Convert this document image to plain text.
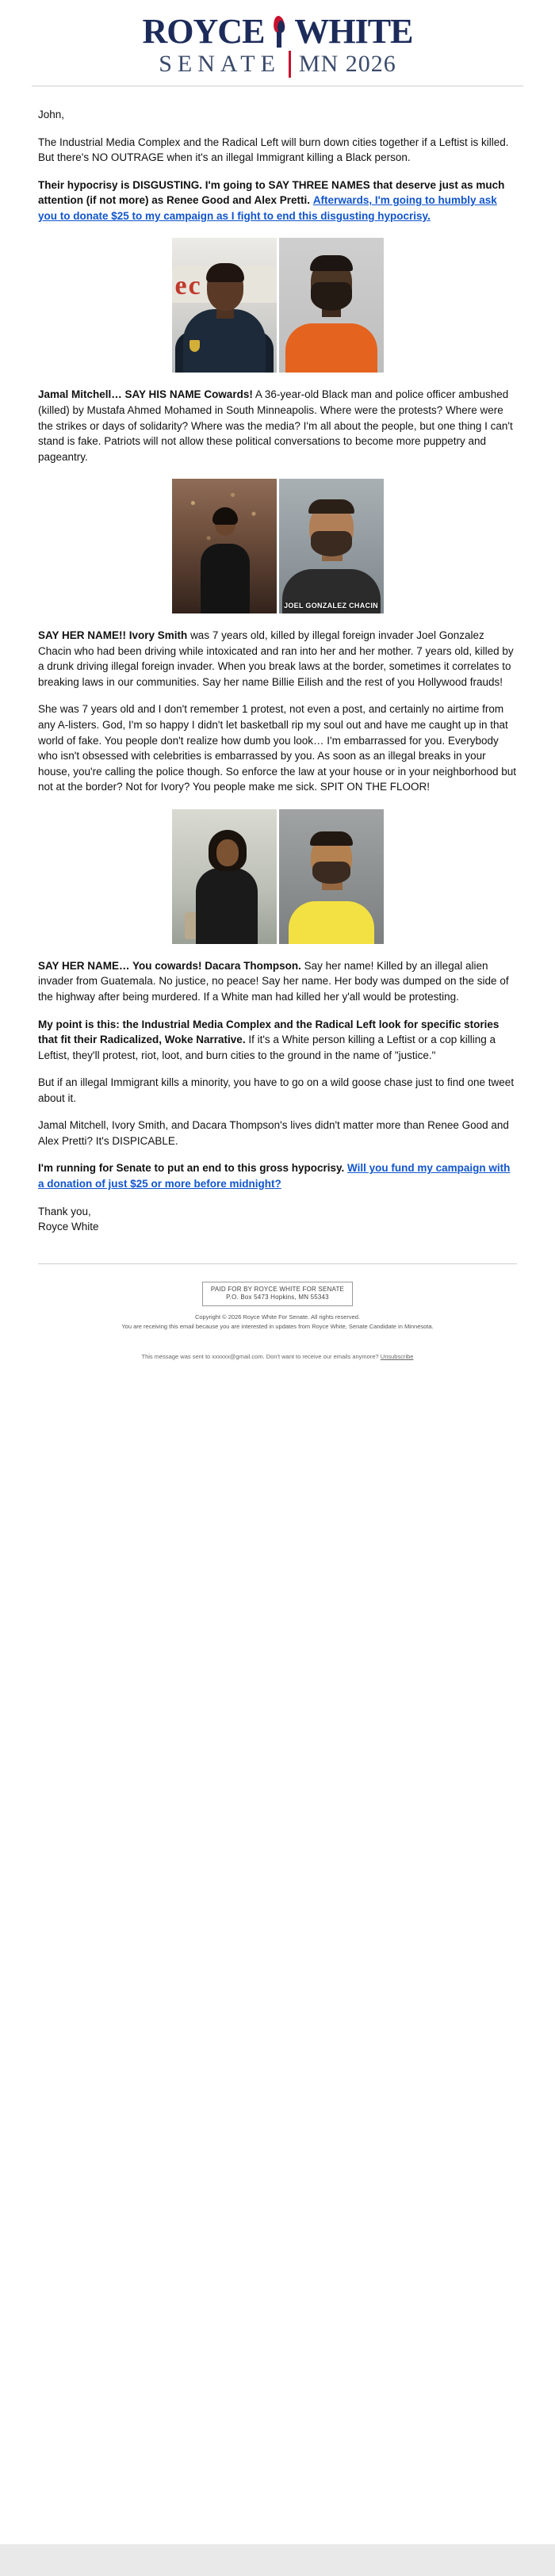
ROYCE WHITE
SENATE MN 2026

John,

The Industrial Media Complex and the Radical Left will burn down cities together if a Leftist is killed. But there's NO OUTRAGE when it's an illegal Immigrant killing a Black person.

Their hypocrisy is DISGUSTING. I'm going to SAY THREE NAMES that deserve just as much attention (if not more) as Renee Good and Alex Pretti. Afterwards, I'm going to humbly ask you to donate $25 to my campaign as I fight to end this disgusting hypocrisy.

ec

Jamal Mitchell… SAY HIS NAME Cowards! A 36-year-old Black man and police officer ambushed (killed) by Mustafa Ahmed Mohamed in South Minneapolis. Where were the protests? Where were the strikes or days of solidarity? Where was the media? I'm all about the people, but one thing I can't stand is fake. Patriots will not allow these political conversations to become more puppetry and pageantry.

JOEL GONZALEZ CHACIN

SAY HER NAME!! Ivory Smith was 7 years old, killed by illegal foreign invader Joel Gonzalez Chacin who had been driving while intoxicated and ran into her and her mother. 7 years old, killed by a drunk driving illegal foreign invader. When you break laws at the border, sometimes it correlates to breaking laws in our communities. Say her name Billie Eilish and the rest of you Hollywood frauds!

She was 7 years old and I don't remember 1 protest, not even a post, and certainly no airtime from any A-listers. God, I'm so happy I didn't let basketball rip my soul out and have me caught up in that world of fake. You people don't realize how dumb you look… I'm embarrassed for you. Everybody who isn't obsessed with celebrities is embarrassed by you. As soon as an illegal breaks in your house, you're calling the police though. So enforce the law at your house or in your neighborhood but not at the border? Not for Ivory? You people make me sick. SPIT ON THE FLOOR!

SAY HER NAME… You cowards! Dacara Thompson. Say her name! Killed by an illegal alien invader from Guatemala. No justice, no peace! Say her name. Her body was dumped on the side of the highway after being murdered. If a White man had killed her y'all would be protesting.

My point is this: the Industrial Media Complex and the Radical Left look for specific stories that fit their Radicalized, Woke Narrative. If it's a White person killing a Leftist or a cop killing a Leftist, they'll protest, riot, loot, and burn cities to the ground in the name of "justice."

But if an illegal Immigrant kills a minority, you have to go on a wild goose chase just to find one tweet about it.

Jamal Mitchell, Ivory Smith, and Dacara Thompson's lives didn't matter more than Renee Good and Alex Pretti? It's DISPICABLE.

I'm running for Senate to put an end to this gross hypocrisy. Will you fund my campaign with a donation of just $25 or more before midnight?

Thank you,
Royce White

PAID FOR BY ROYCE WHITE FOR SENATE
P.O. Box 5473 Hopkins, MN 55343
Copyright © 2026 Royce White For Senate. All rights reserved.
You are receiving this email because you are interested in updates from Royce White, Senate Candidate in Minnesota.
This message was sent to xxxxxx@gmail.com. Don't want to receive our emails anymore? Unsubscribe
